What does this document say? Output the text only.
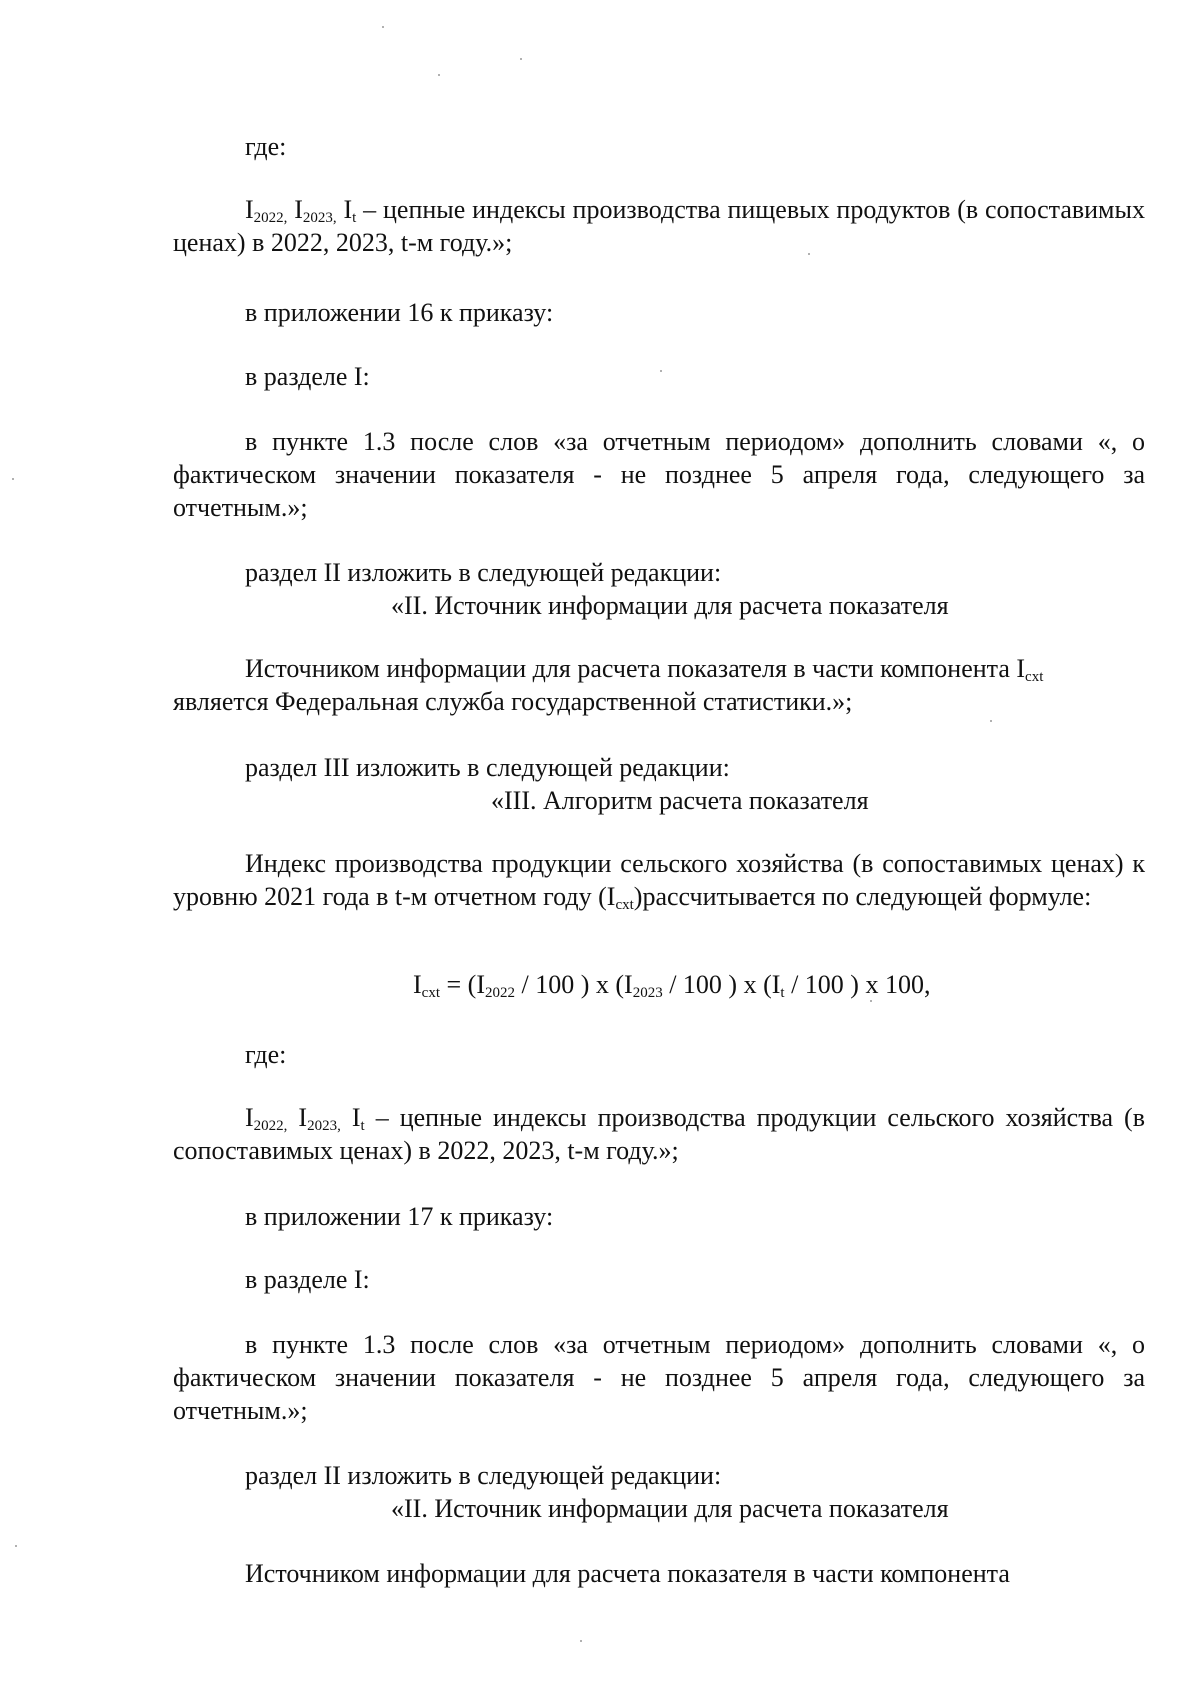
где:
$I_{2022,}$ $I_{2023,}$ $I_t$ – цепные индексы производства пищевых продуктов (в сопоставимых ценах) в 2022, 2023, t-м году.»;
в приложении 16 к приказу:
в разделе I:
в пункте 1.3 после слов «за отчетным периодом» дополнить словами «, о фактическом значении показателя - не позднее 5 апреля года, следующего за отчетным.»;
раздел II изложить в следующей редакции:
«II. Источник информации для расчета показателя
Источником информации для расчета показателя в части компонента $I_{cxt}$
является Федеральная служба государственной статистики.»;
раздел III изложить в следующей редакции:
«III. Алгоритм расчета показателя
Индекс производства продукции сельского хозяйства (в сопоставимых ценах) к уровню 2021 года в t-м отчетном году $(I_{cxt})рассчитывается$ по следующей формуле:
$I_{cxt} = (I_{2022} / 100$ ) x ($I_{2023} / 100$ ) x ($I_t / 100$ ) x 100,
где:
$I_{2022,}$ $I_{2023,}$ $I_t$ – цепные индексы производства продукции сельского хозяйства (в сопоставимых ценах) в 2022, 2023, t-м году.»;
в приложении 17 к приказу:
в разделе I:
в пункте 1.3 после слов «за отчетным периодом» дополнить словами «, о фактическом значении показателя - не позднее 5 апреля года, следующего за отчетным.»;
раздел II изложить в следующей редакции:
«II. Источник информации для расчета показателя
Источником информации для расчета показателя в части компонента
